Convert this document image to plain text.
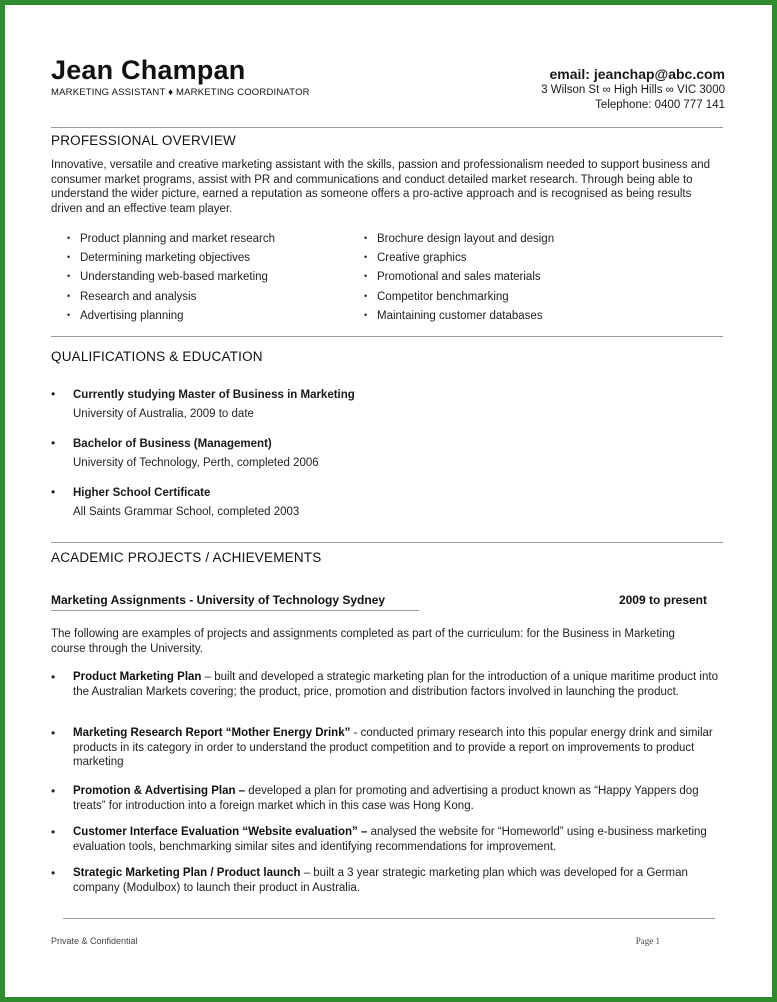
Jean Champan
MARKETING ASSISTANT ♦ MARKETING COORDINATOR
email: jeanchap@abc.com
3 Wilson St ∞ High Hills ∞ VIC 3000
Telephone: 0400 777 141
PROFESSIONAL OVERVIEW
Innovative, versatile and creative marketing assistant with the skills, passion and professionalism needed to support business and consumer market programs, assist with PR and communications and conduct detailed market research. Through being able to understand the wider picture, earned a reputation as someone offers a pro-active approach and is recognised as being results driven and an effective team player.
• Product planning and market research
• Determining marketing objectives
• Understanding web-based marketing
• Research and analysis
• Advertising planning
• Brochure design layout and design
• Creative graphics
• Promotional and sales materials
• Competitor benchmarking
• Maintaining customer databases
QUALIFICATIONS & EDUCATION
• Currently studying Master of Business in Marketing
University of Australia, 2009 to date
• Bachelor of Business (Management)
University of Technology, Perth, completed 2006
• Higher School Certificate
All Saints Grammar School, completed 2003
ACADEMIC PROJECTS / ACHIEVEMENTS
Marketing Assignments - University of Technology Sydney	2009 to present
The following are examples of projects and assignments completed as part of the curriculum: for the Business in Marketing course through the University.
• Product Marketing Plan – built and developed a strategic marketing plan for the introduction of a unique maritime product into the Australian Markets covering; the product, price, promotion and distribution factors involved in launching the product.
• Marketing Research Report “Mother Energy Drink” - conducted primary research into this popular energy drink and similar products in its category in order to understand the product competition and to provide a report on improvements to product marketing
• Promotion & Advertising Plan – developed a plan for promoting and advertising a product known as “Happy Yappers dog treats” for introduction into a foreign market which in this case was Hong Kong.
• Customer Interface Evaluation “Website evaluation” – analysed the website for “Homeworld” using e-business marketing evaluation tools, benchmarking similar sites and identifying recommendations for improvement.
• Strategic Marketing Plan / Product launch – built a 3 year strategic marketing plan which was developed for a German company (Modulbox) to launch their product in Australia.
Private & Confidential	Page 1
